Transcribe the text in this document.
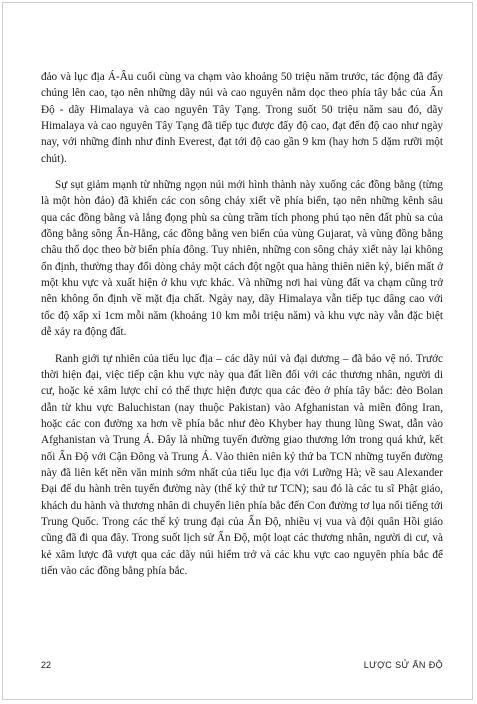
đảo và lục địa Á-Âu cuối cùng va chạm vào khoảng 50 triệu năm trước, tác động đã đẩy chúng lên cao, tạo nên những dãy núi và cao nguyên nằm dọc theo phía tây bắc của Ấn Độ - dãy Himalaya và cao nguyên Tây Tạng. Trong suốt 50 triệu năm sau đó, dãy Himalaya và cao nguyên Tây Tạng đã tiếp tục được đẩy độ cao, đạt đến độ cao như ngày nay, với những đỉnh như đỉnh Everest, đạt tới độ cao gần 9 km (hay hơn 5 dặm rưỡi một chút).

Sự sụt giảm mạnh từ những ngọn núi mới hình thành này xuống các đồng bằng (từng là một hòn đảo) đã khiến các con sông chảy xiết về phía biển, tạo nên những kênh sâu qua các đồng bằng và lắng đọng phù sa cùng trầm tích phong phú tạo nên đất phù sa của đồng bằng sông Ấn-Hằng, các đồng bằng ven biển của vùng Gujarat, và vùng đồng bằng châu thổ dọc theo bờ biển phía đông. Tuy nhiên, những con sông chảy xiết này lại không ổn định, thường thay đổi dòng chảy một cách đột ngột qua hàng thiên niên kỷ, biến mất ở một khu vực và xuất hiện ở khu vực khác. Và những nơi hai vùng đất va chạm cũng trở nên không ổn định về mặt địa chất. Ngày nay, dãy Himalaya vẫn tiếp tục dâng cao với tốc độ xấp xỉ 1cm mỗi năm (khoảng 10 km mỗi triệu năm) và khu vực này vẫn đặc biệt dễ xảy ra động đất.

Ranh giới tự nhiên của tiểu lục địa – các dãy núi và đại dương – đã bảo vệ nó. Trước thời hiện đại, việc tiếp cận khu vực này qua đất liền đối với các thương nhân, người di cư, hoặc kẻ xâm lược chỉ có thể thực hiện được qua các đèo ở phía tây bắc: đèo Bolan dẫn từ khu vực Baluchistan (nay thuộc Pakistan) vào Afghanistan và miền đông Iran, hoặc các con đường xa hơn về phía bắc như đèo Khyber hay thung lũng Swat, dẫn vào Afghanistan và Trung Á. Đây là những tuyến đường giao thương lớn trong quá khứ, kết nối Ấn Độ với Cận Đông và Trung Á. Vào thiên niên kỷ thứ ba TCN những tuyến đường này đã liên kết nền văn minh sớm nhất của tiểu lục địa với Lưỡng Hà; về sau Alexander Đại đế du hành trên tuyến đường này (thế kỷ thứ tư TCN); sau đó là các tu sĩ Phật giáo, khách du hành và thương nhân di chuyển liên phía bắc đến Con đường tơ lụa nối tiếng tới Trung Quốc. Trong các thế kỷ trung đại của Ấn Độ, nhiều vị vua và đội quân Hồi giáo cũng đã đi qua đây. Trong suốt lịch sử Ấn Độ, một loạt các thương nhân, người di cư, và kẻ xâm lược đã vượt qua các dãy núi hiểm trở và các khu vực cao nguyên phía bắc để tiến vào các đồng bằng phía bắc.

22	LƯỢC SỬ ẤN ĐỘ
